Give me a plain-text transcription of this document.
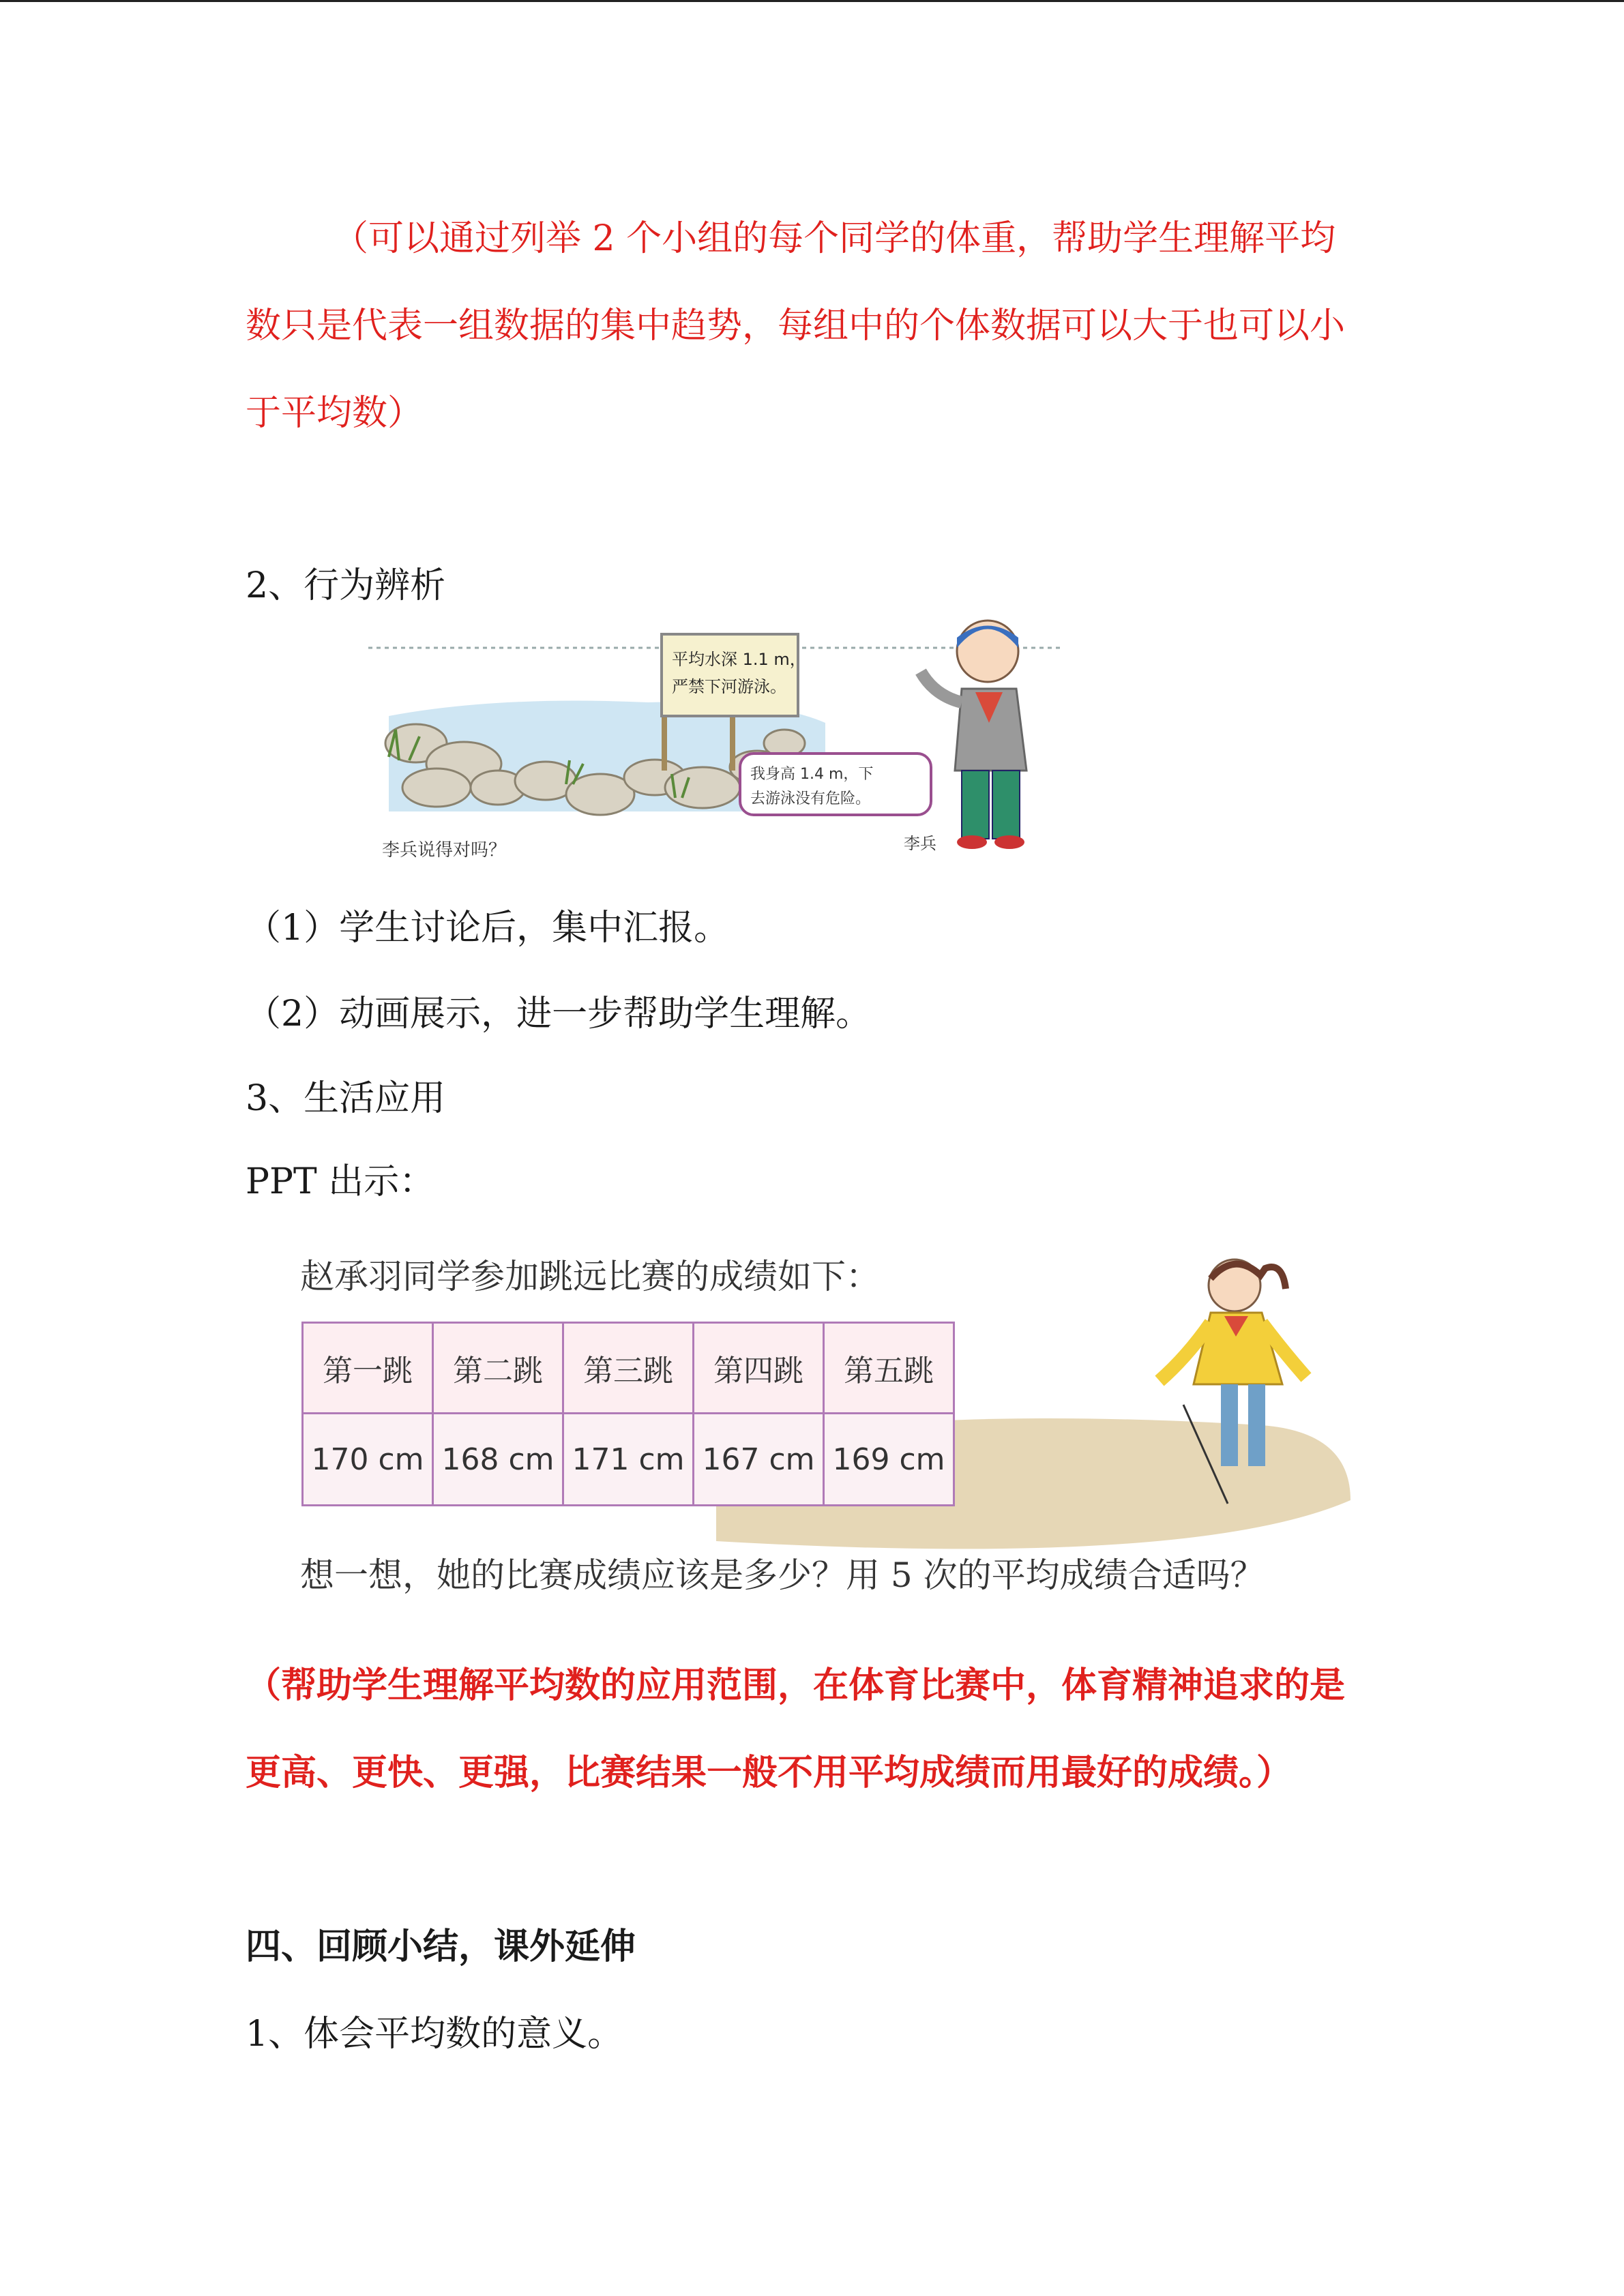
（可以通过列举 2 个小组的每个同学的体重，帮助学生理解平均数只是代表一组数据的集中趋势，每组中的个体数据可以大于也可以小于平均数）

2、行为辨析
平均水深 1.1 m，
严禁下河游泳。
我身高 1.4 m，下
去游泳没有危险。
李兵说得对吗？	李兵
（1）学生讨论后，集中汇报。
（2）动画展示，进一步帮助学生理解。
3、生活应用
PPT 出示：
赵承羽同学参加跳远比赛的成绩如下：
第一跳	第二跳	第三跳	第四跳	第五跳
170 cm	168 cm	171 cm	167 cm	169 cm
想一想，她的比赛成绩应该是多少？用 5 次的平均成绩合适吗？

（帮助学生理解平均数的应用范围，在体育比赛中，体育精神追求的是更高、更快、更强，比赛结果一般不用平均成绩而用最好的成绩。）

四、回顾小结，课外延伸
1、体会平均数的意义。
